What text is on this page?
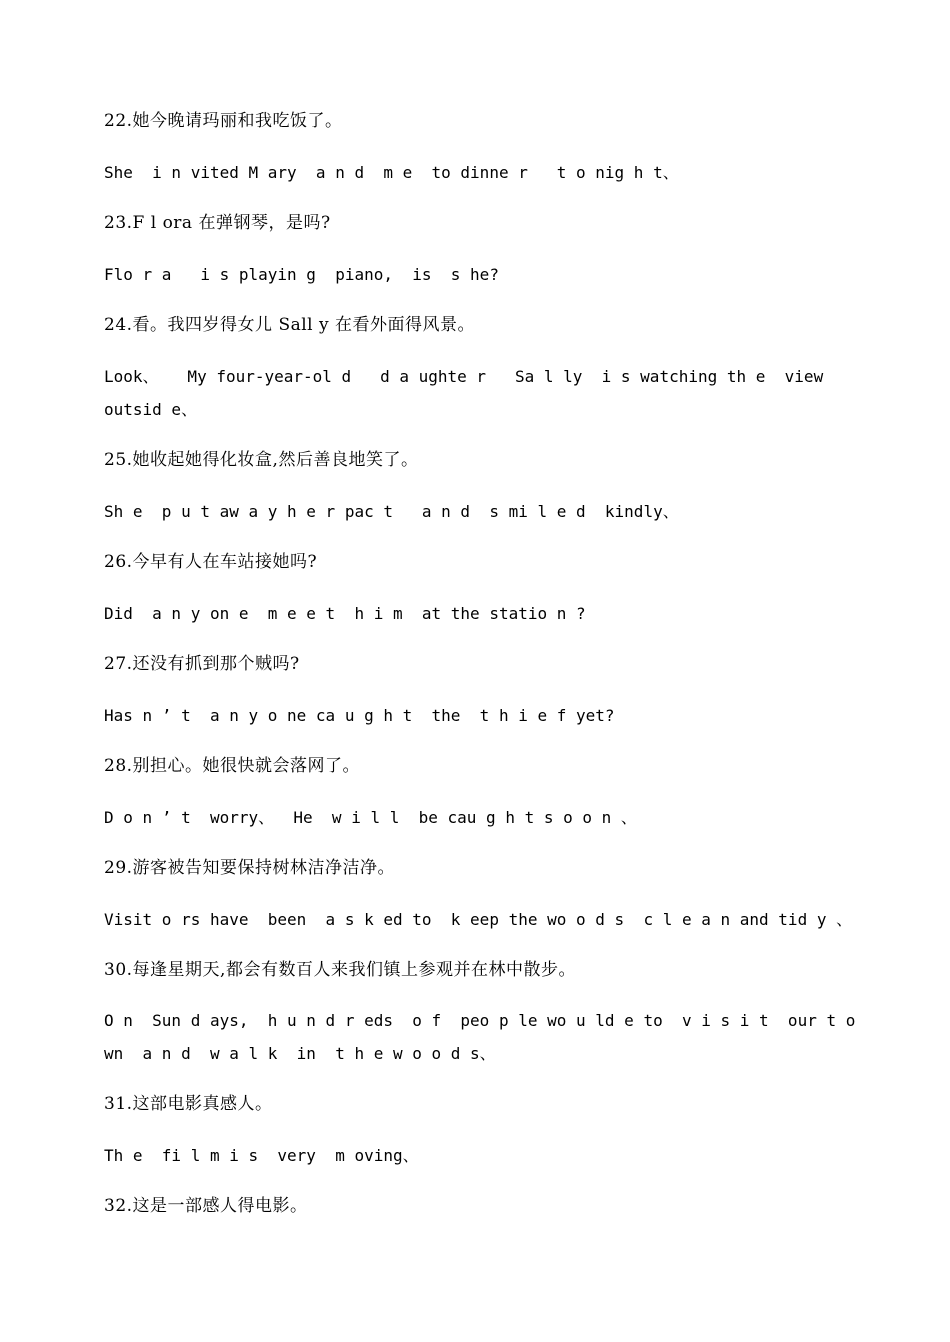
22.她今晚请玛丽和我吃饭了。
She  i n vited M ary  a n d  m e  to dinne r   t o nig h t、
23.F l ora 在弹钢琴，是吗?
Flo r a   i s playin g  piano,  is  s he?
24.看。我四岁得女儿 Sall y 在看外面得风景。
Look、   My four-year-ol d   d a ughte r   Sa l ly  i s watching th e  view
outsid e、
25.她收起她得化妆盒,然后善良地笑了。
Sh e  p u t aw a y h e r pac t   a n d  s mi l e d  kindly、
26.今早有人在车站接她吗?
Did  a n y on e  m e e t  h i m  at the statio n ?
27.还没有抓到那个贼吗?
Has n ’ t  a n y o ne ca u g h t  the  t h i e f yet?
28.别担心。她很快就会落网了。
D o n ’ t  worry、  He  w i l l  be cau g h t s o o n 、
29.游客被告知要保持树林洁净洁净。
Visit o rs have  been  a s k ed to  k eep the wo o d s  c l e a n and tid y 、
30.每逢星期天,都会有数百人来我们镇上参观并在林中散步。
O n  Sun d ays,  h u n d r eds  o f  peo p le wo u ld e to  v i s i t  our t o
wn  a n d  w a l k  in  t h e w o o d s、
31.这部电影真感人。
Th e  fi l m i s  very  m oving、
32.这是一部感人得电影。
